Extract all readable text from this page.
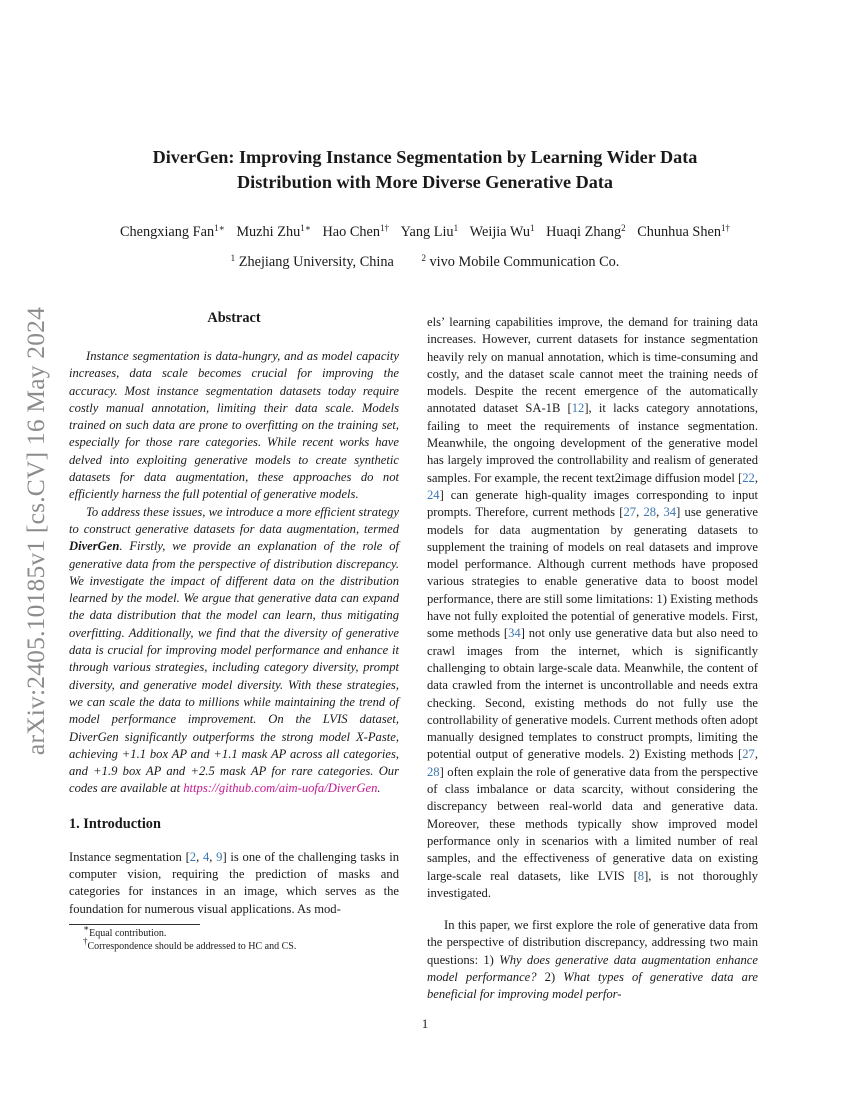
arXiv:2405.10185v1 [cs.CV] 16 May 2024
DiverGen: Improving Instance Segmentation by Learning Wider Data
Distribution with More Diverse Generative Data
Chengxiang Fan$^{1∗}$ Muzhi Zhu$^{1∗}$ Hao Chen$^{1\dagger}$ Yang Liu$^1$ Weijia Wu$^1$ Huaqi Zhang$^2$ Chunhua Shen$^{1\dagger}$
$^1$ Zhejiang University, China	$^2$ vivo Mobile Communication Co.
Abstract

Instance segmentation is data-hungry, and as model capacity increases, data scale becomes crucial for improving the accuracy. Most instance segmentation datasets today require costly manual annotation, limiting their data scale. Models trained on such data are prone to overfitting on the training set, especially for those rare categories. While recent works have delved into exploiting generative models to create synthetic datasets for data augmentation, these approaches do not efficiently harness the full potential of generative models.

To address these issues, we introduce a more efficient strategy to construct generative datasets for data augmentation, termed DiverGen. Firstly, we provide an explanation of the role of generative data from the perspective of distribution discrepancy. We investigate the impact of different data on the distribution learned by the model. We argue that generative data can expand the data distribution that the model can learn, thus mitigating overfitting. Additionally, we find that the diversity of generative data is crucial for improving model performance and enhance it through various strategies, including category diversity, prompt diversity, and generative model diversity. With these strategies, we can scale the data to millions while maintaining the trend of model performance improvement. On the LVIS dataset, DiverGen significantly outperforms the strong model X-Paste, achieving +1.1 box AP and +1.1 mask AP across all categories, and +1.9 box AP and +2.5 mask AP for rare categories. Our codes are available at https://github.com/aim-uofa/DiverGen.

1. Introduction

Instance segmentation [2, 4, 9] is one of the challenging tasks in computer vision, requiring the prediction of masks and categories for instances in an image, which serves as the foundation for numerous visual applications. As mod-

∗Equal contribution.
†Correspondence should be addressed to HC and CS.

els’ learning capabilities improve, the demand for training data increases. However, current datasets for instance segmentation heavily rely on manual annotation, which is time-consuming and costly, and the dataset scale cannot meet the training needs of models. Despite the recent emergence of the automatically annotated dataset SA-1B [12], it lacks category annotations, failing to meet the requirements of instance segmentation. Meanwhile, the ongoing development of the generative model has largely improved the controllability and realism of generated samples. For example, the recent text2image diffusion model [22, 24] can generate high-quality images corresponding to input prompts. Therefore, current methods [27, 28, 34] use generative models for data augmentation by generating datasets to supplement the training of models on real datasets and improve model performance. Although current methods have proposed various strategies to enable generative data to boost model performance, there are still some limitations: 1) Existing methods have not fully exploited the potential of generative models. First, some methods [34] not only use generative data but also need to crawl images from the internet, which is significantly challenging to obtain large-scale data. Meanwhile, the content of data crawled from the internet is uncontrollable and needs extra checking. Second, existing methods do not fully use the controllability of generative models. Current methods often adopt manually designed templates to construct prompts, limiting the potential output of generative models. 2) Existing methods [27, 28] often explain the role of generative data from the perspective of class imbalance or data scarcity, without considering the discrepancy between real-world data and generative data. Moreover, these methods typically show improved model performance only in scenarios with a limited number of real samples, and the effectiveness of generative data on existing large-scale real datasets, like LVIS [8], is not thoroughly investigated.

In this paper, we first explore the role of generative data from the perspective of distribution discrepancy, addressing two main questions: 1) Why does generative data augmentation enhance model performance? 2) What types of generative data are beneficial for improving model perfor-

1
